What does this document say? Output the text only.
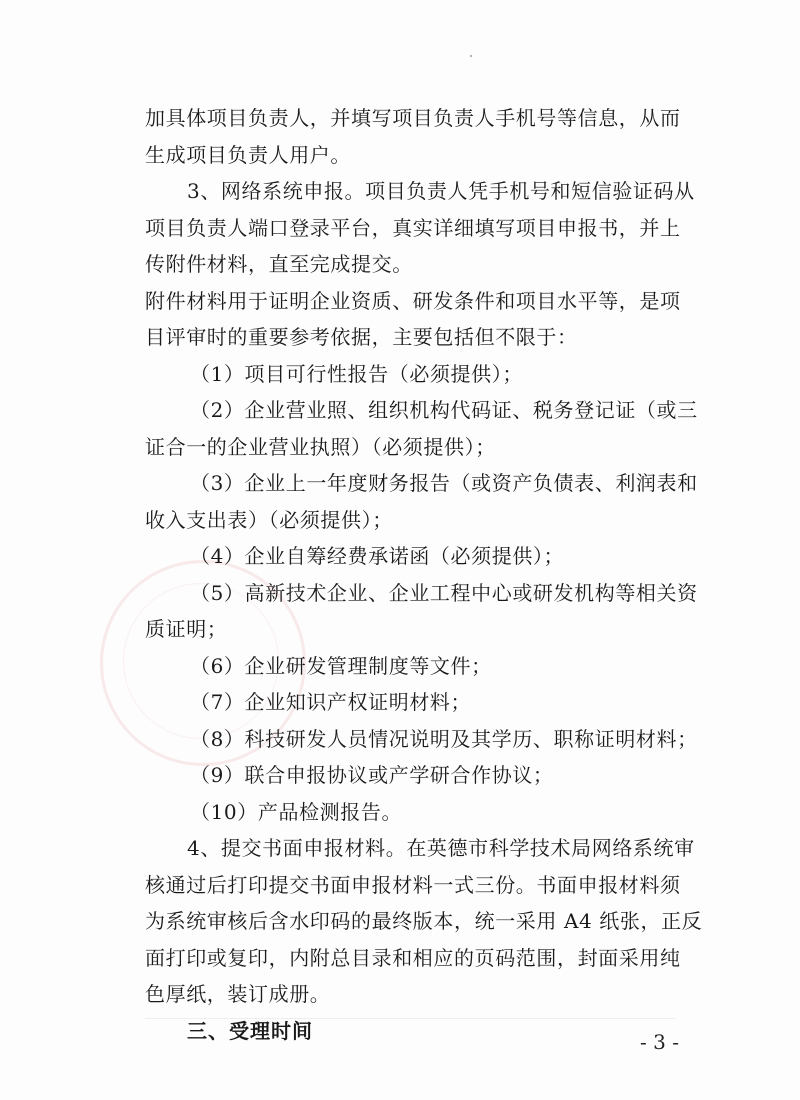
加具体项目负责人，并填写项目负责人手机号等信息，从而
生成项目负责人用户。
3、网络系统申报。项目负责人凭手机号和短信验证码从
项目负责人端口登录平台，真实详细填写项目申报书，并上
传附件材料，直至完成提交。
附件材料用于证明企业资质、研发条件和项目水平等，是项
目评审时的重要参考依据，主要包括但不限于：
（1）项目可行性报告（必须提供）；
（2）企业营业照、组织机构代码证、税务登记证（或三
证合一的企业营业执照）（必须提供）；
（3）企业上一年度财务报告（或资产负债表、利润表和
收入支出表）（必须提供）；
（4）企业自筹经费承诺函（必须提供）；
（5）高新技术企业、企业工程中心或研发机构等相关资
质证明；
（6）企业研发管理制度等文件；
（7）企业知识产权证明材料；
（8）科技研发人员情况说明及其学历、职称证明材料；
（9）联合申报协议或产学研合作协议；
（10）产品检测报告。
4、提交书面申报材料。在英德市科学技术局网络系统审
核通过后打印提交书面申报材料一式三份。书面申报材料须
为系统审核后含水印码的最终版本，统一采用 A4 纸张，正反
面打印或复印，内附总目录和相应的页码范围，封面采用纯
色厚纸，装订成册。
三、受理时间	- 3 -
